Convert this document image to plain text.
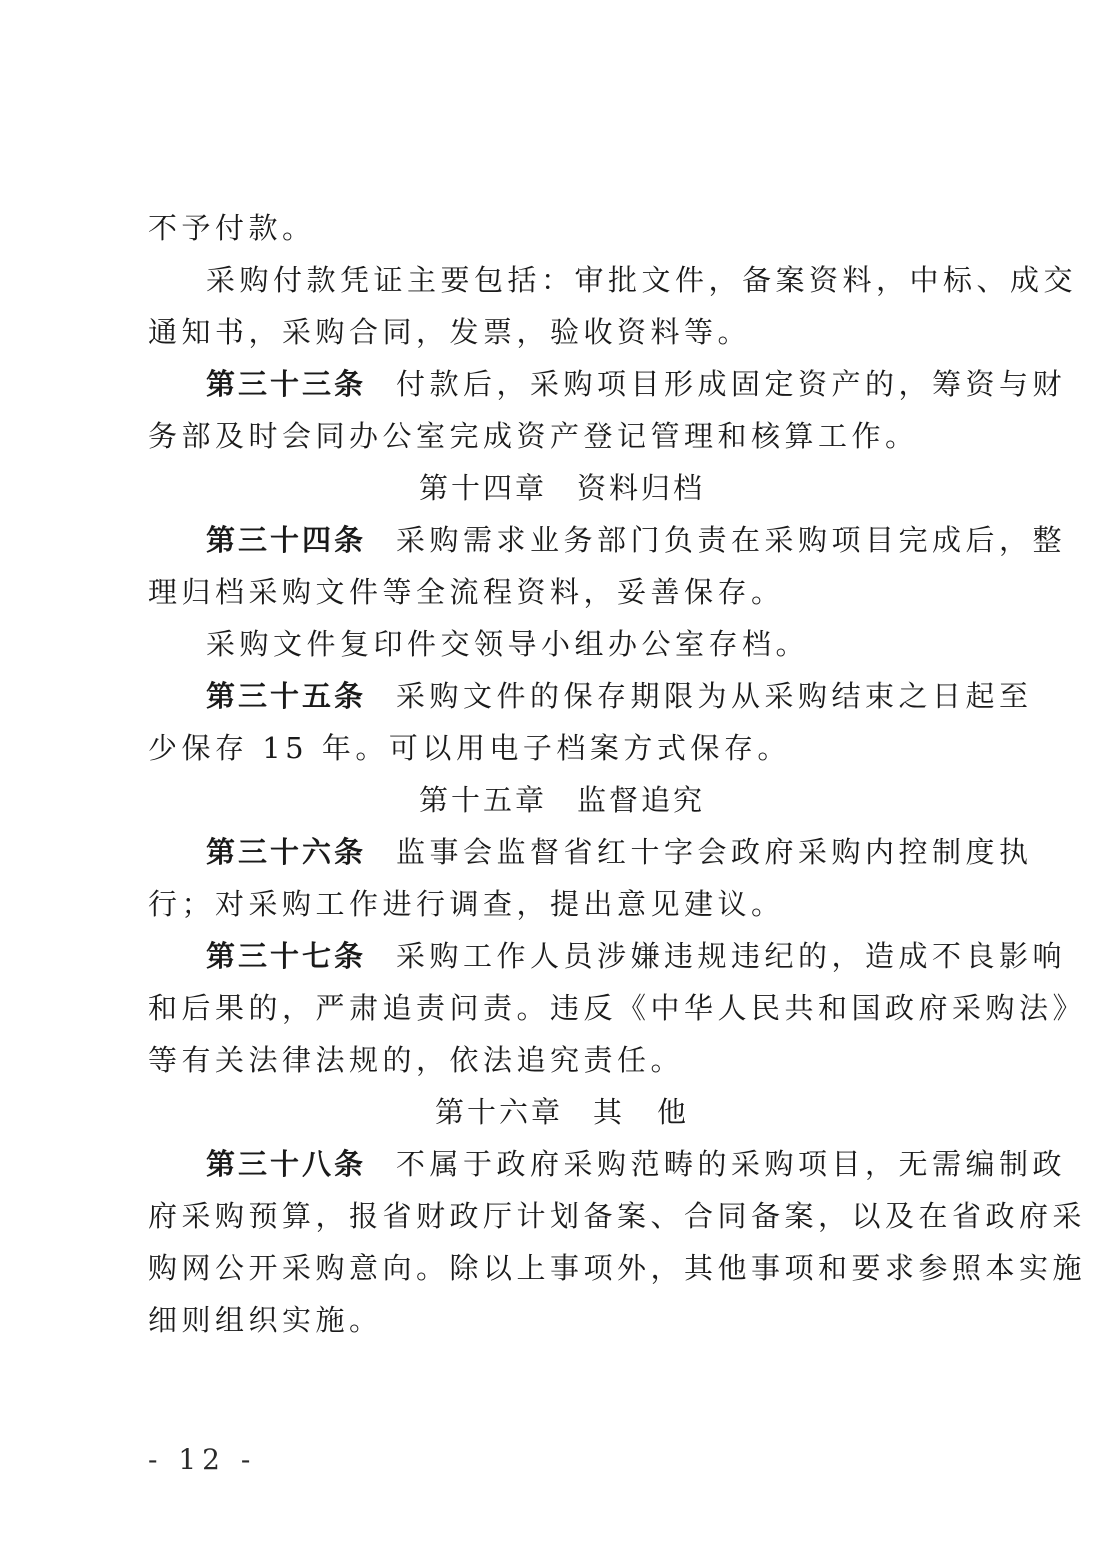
不予付款。
采购付款凭证主要包括：审批文件，备案资料，中标、成交
通知书，采购合同，发票，验收资料等。
第三十三条 付款后，采购项目形成固定资产的，筹资与财
务部及时会同办公室完成资产登记管理和核算工作。
第十四章 资料归档
第三十四条 采购需求业务部门负责在采购项目完成后，整
理归档采购文件等全流程资料，妥善保存。
采购文件复印件交领导小组办公室存档。
第三十五条 采购文件的保存期限为从采购结束之日起至
少保存 15 年。可以用电子档案方式保存。
第十五章 监督追究
第三十六条 监事会监督省红十字会政府采购内控制度执
行；对采购工作进行调查，提出意见建议。
第三十七条 采购工作人员涉嫌违规违纪的，造成不良影响
和后果的，严肃追责问责。违反《中华人民共和国政府采购法》
等有关法律法规的，依法追究责任。
第十六章 其　他
第三十八条 不属于政府采购范畴的采购项目，无需编制政
府采购预算，报省财政厅计划备案、合同备案，以及在省政府采
购网公开采购意向。除以上事项外，其他事项和要求参照本实施
细则组织实施。
- 12 -
